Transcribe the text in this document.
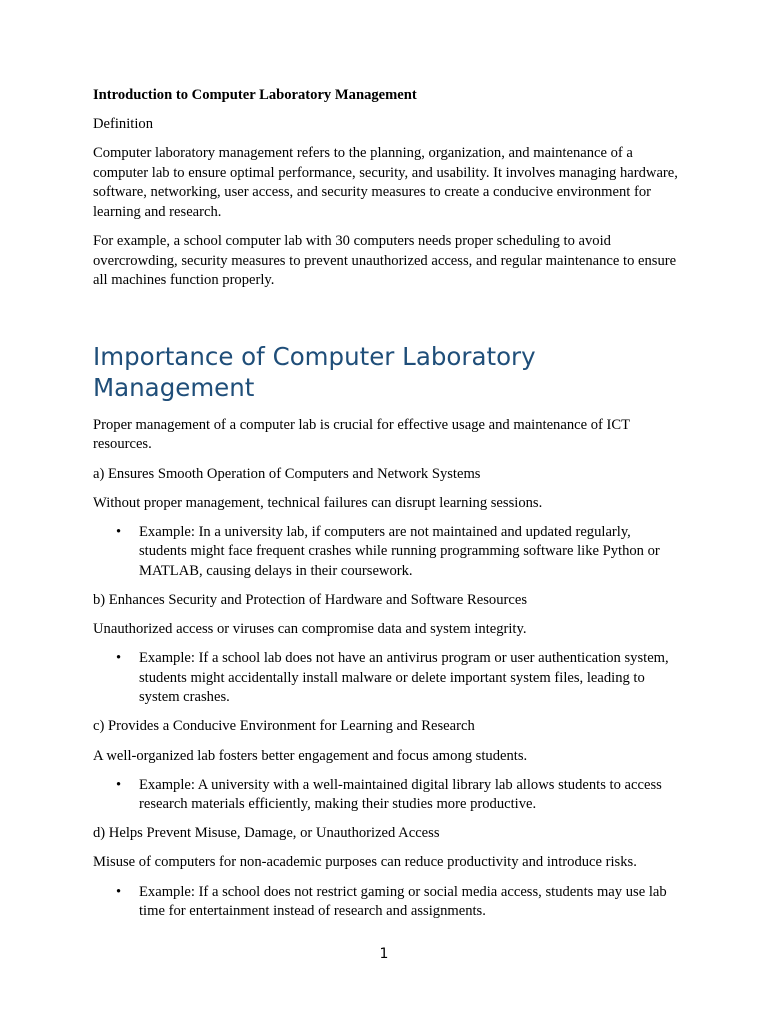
Introduction to Computer Laboratory Management

Definition

Computer laboratory management refers to the planning, organization, and maintenance of a computer lab to ensure optimal performance, security, and usability. It involves managing hardware, software, networking, user access, and security measures to create a conducive environment for learning and research.

For example, a school computer lab with 30 computers needs proper scheduling to avoid overcrowding, security measures to prevent unauthorized access, and regular maintenance to ensure all machines function properly.

Importance of Computer Laboratory Management

Proper management of a computer lab is crucial for effective usage and maintenance of ICT resources.

a) Ensures Smooth Operation of Computers and Network Systems

Without proper management, technical failures can disrupt learning sessions.

• Example: In a university lab, if computers are not maintained and updated regularly, students might face frequent crashes while running programming software like Python or MATLAB, causing delays in their coursework.

b) Enhances Security and Protection of Hardware and Software Resources

Unauthorized access or viruses can compromise data and system integrity.

• Example: If a school lab does not have an antivirus program or user authentication system, students might accidentally install malware or delete important system files, leading to system crashes.

c) Provides a Conducive Environment for Learning and Research

A well-organized lab fosters better engagement and focus among students.

• Example: A university with a well-maintained digital library lab allows students to access research materials efficiently, making their studies more productive.

d) Helps Prevent Misuse, Damage, or Unauthorized Access

Misuse of computers for non-academic purposes can reduce productivity and introduce risks.

• Example: If a school does not restrict gaming or social media access, students may use lab time for entertainment instead of research and assignments.
1
